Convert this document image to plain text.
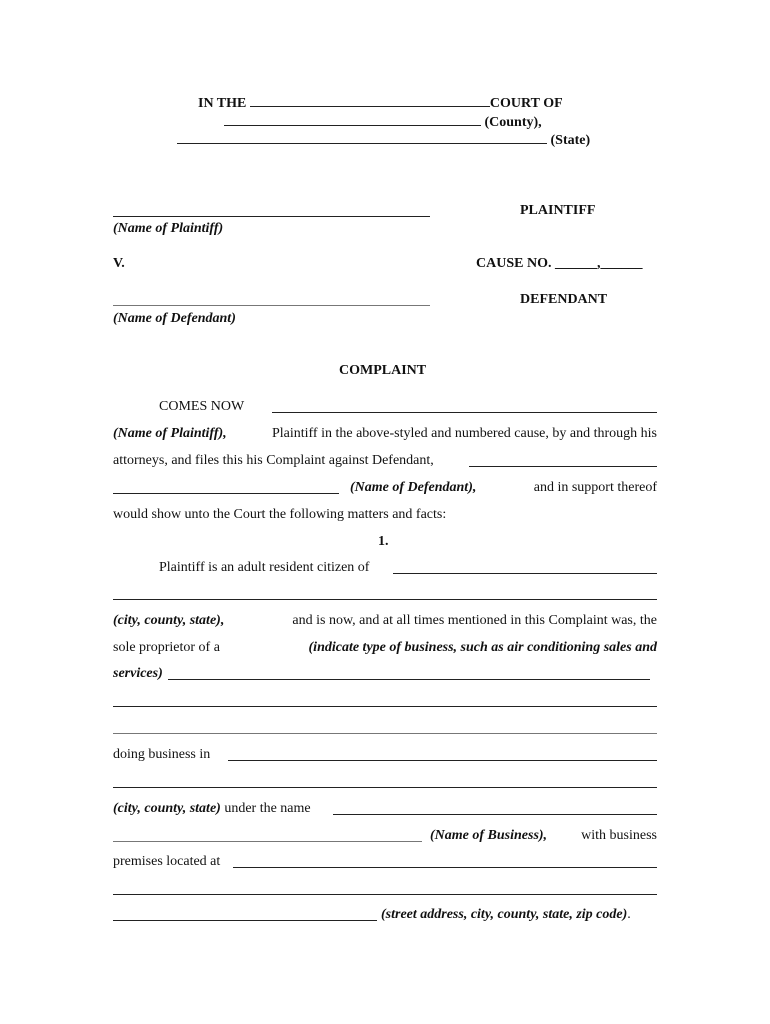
IN THE	COURT OF
(County),
(State)
PLAINTIFF
(Name of Plaintiff)
V.	CAUSE NO. ______,______
DEFENDANT
(Name of Defendant)
COMPLAINT
COMES NOW
(Name of Plaintiff),	Plaintiff in the above-styled and numbered cause, by and through his
attorneys, and files this his Complaint against Defendant,
(Name of Defendant),	and in support thereof
would show unto the Court the following matters and facts:
1.
Plaintiff is an adult resident citizen of
(city, county, state),	and is now, and at all times mentioned in this Complaint was, the
sole proprietor of a	(indicate type of business, such as air conditioning sales and
services)
doing business in
(city, county, state) under the name
(Name of Business), with business
premises located at
(street address, city, county, state, zip code).
